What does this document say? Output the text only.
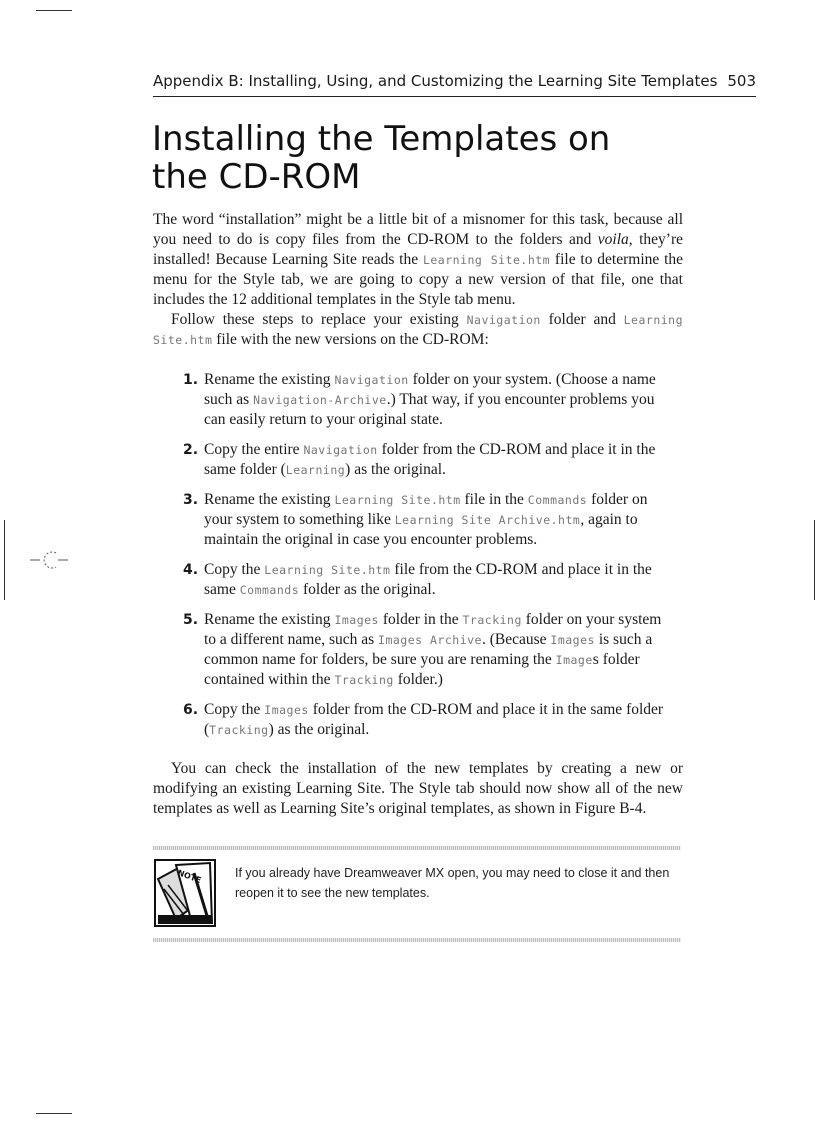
Appendix B: Installing, Using, and Customizing the Learning Site Templates 503
Installing the Templates on the CD-ROM
The word “installation” might be a little bit of a misnomer for this task, because all you need to do is copy files from the CD-ROM to the folders and voila, they’re installed! Because Learning Site reads the Learning Site.htm file to determine the menu for the Style tab, we are going to copy a new version of that file, one that includes the 12 additional templates in the Style tab menu.
Follow these steps to replace your existing Navigation folder and Learning Site.htm file with the new versions on the CD-ROM:
1. Rename the existing Navigation folder on your system. (Choose a name such as Navigation-Archive.) That way, if you encounter problems you can easily return to your original state.
2. Copy the entire Navigation folder from the CD-ROM and place it in the same folder (Learning) as the original.
3. Rename the existing Learning Site.htm file in the Commands folder on your system to something like Learning Site Archive.htm, again to maintain the original in case you encounter problems.
4. Copy the Learning Site.htm file from the CD-ROM and place it in the same Commands folder as the original.
5. Rename the existing Images folder in the Tracking folder on your system to a different name, such as Images Archive. (Because Images is such a common name for folders, be sure you are renaming the Images folder contained within the Tracking folder.)
6. Copy the Images folder from the CD-ROM and place it in the same folder (Tracking) as the original.
You can check the installation of the new templates by creating a new or modifying an existing Learning Site. The Style tab should now show all of the new templates as well as Learning Site’s original templates, as shown in Figure B-4.
NOTE	If you already have Dreamweaver MX open, you may need to close it and then reopen it to see the new templates.
